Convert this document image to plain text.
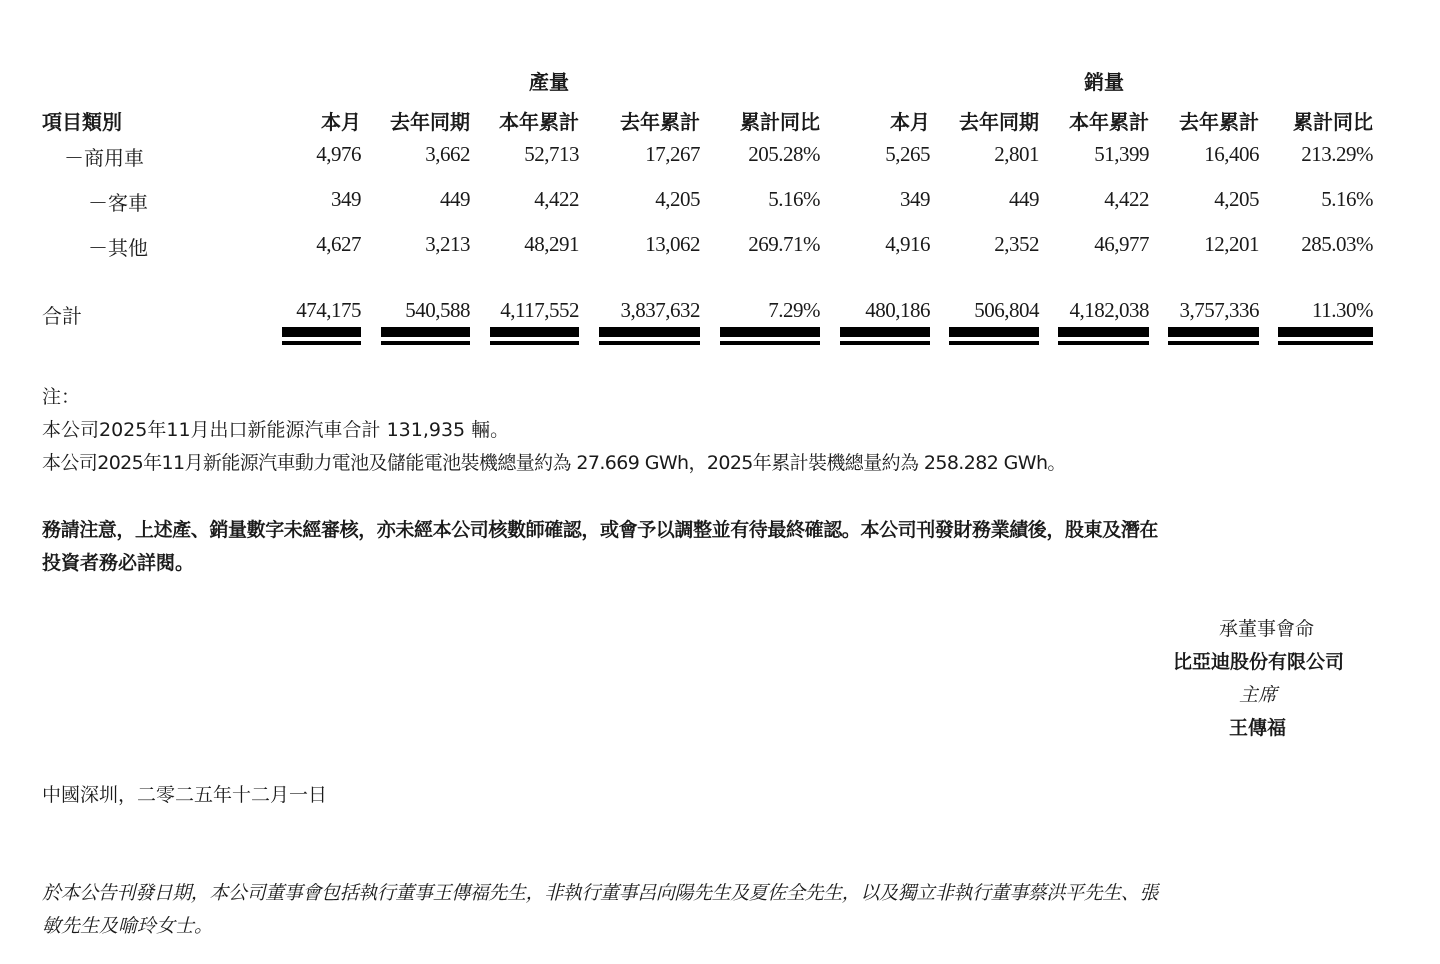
產量	銷量
項目類別	本月	去年同期	本年累計	去年累計	累計同比	本月	去年同期	本年累計	去年累計	累計同比
－商用車	4,976	3,662	52,713	17,267	205.28%	5,265	2,801	51,399	16,406	213.29%
－客車	349	449	4,422	4,205	5.16%	349	449	4,422	4,205	5.16%
－其他	4,627	3,213	48,291	13,062	269.71%	4,916	2,352	46,977	12,201	285.03%
合計	474,175	540,588	4,117,552	3,837,632	7.29%	480,186	506,804	4,182,038	3,757,336	11.30%
注：
本公司2025年11月出口新能源汽車合計 131,935 輛。
本公司2025年11月新能源汽車動力電池及儲能電池裝機總量約為 27.669 GWh，2025年累計裝機總量約為 258.282 GWh。
務請注意，上述產、銷量數字未經審核，亦未經本公司核數師確認，或會予以調整並有待最終確認。本公司刊發財務業績後，股東及潛在
投資者務必詳閱。
承董事會命
比亞迪股份有限公司
主席
王傳福
中國深圳，二零二五年十二月一日
於本公告刊發日期，本公司董事會包括執行董事王傳福先生，非執行董事呂向陽先生及夏佐全先生，以及獨立非執行董事蔡洪平先生、張
敏先生及喻玲女士。
